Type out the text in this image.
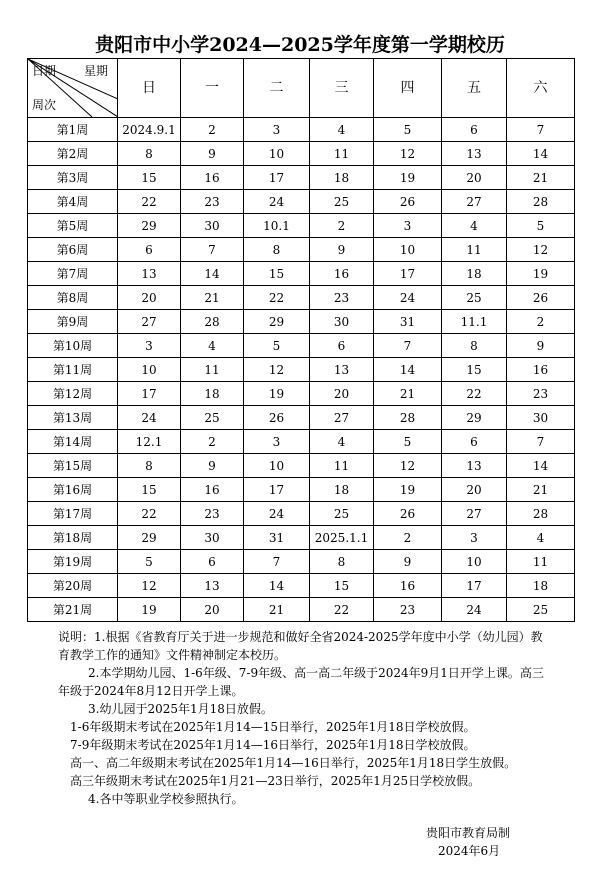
贵阳市中小学2024—2025学年度第一学期校历
日期 星期
周次	日	一	二	三	四	五	六
第1周	2024.9.1	2	3	4	5	6	7
第2周	8	9	10	11	12	13	14
第3周	15	16	17	18	19	20	21
第4周	22	23	24	25	26	27	28
第5周	29	30	10.1	2	3	4	5
第6周	6	7	8	9	10	11	12
第7周	13	14	15	16	17	18	19
第8周	20	21	22	23	24	25	26
第9周	27	28	29	30	31	11.1	2
第10周	3	4	5	6	7	8	9
第11周	10	11	12	13	14	15	16
第12周	17	18	19	20	21	22	23
第13周	24	25	26	27	28	29	30
第14周	12.1	2	3	4	5	6	7
第15周	8	9	10	11	12	13	14
第16周	15	16	17	18	19	20	21
第17周	22	23	24	25	26	27	28
第18周	29	30	31	2025.1.1	2	3	4
第19周	5	6	7	8	9	10	11
第20周	12	13	14	15	16	17	18
第21周	19	20	21	22	23	24	25
说明：1.根据《省教育厅关于进一步规范和做好全省2024-2025学年度中小学（幼儿园）教
育教学工作的通知》文件精神制定本校历。
2.本学期幼儿园、1-6年级、7-9年级、高一高二年级于2024年9月1日开学上课。高三
年级于2024年8月12日开学上课。
3.幼儿园于2025年1月18日放假。
1-6年级期末考试在2025年1月14—15日举行，2025年1月18日学校放假。
7-9年级期末考试在2025年1月14—16日举行，2025年1月18日学校放假。
高一、高二年级期末考试在2025年1月14—16日举行，2025年1月18日学生放假。
高三年级期末考试在2025年1月21—23日举行，2025年1月25日学校放假。
4.各中等职业学校参照执行。
贵阳市教育局制
2024年6月
